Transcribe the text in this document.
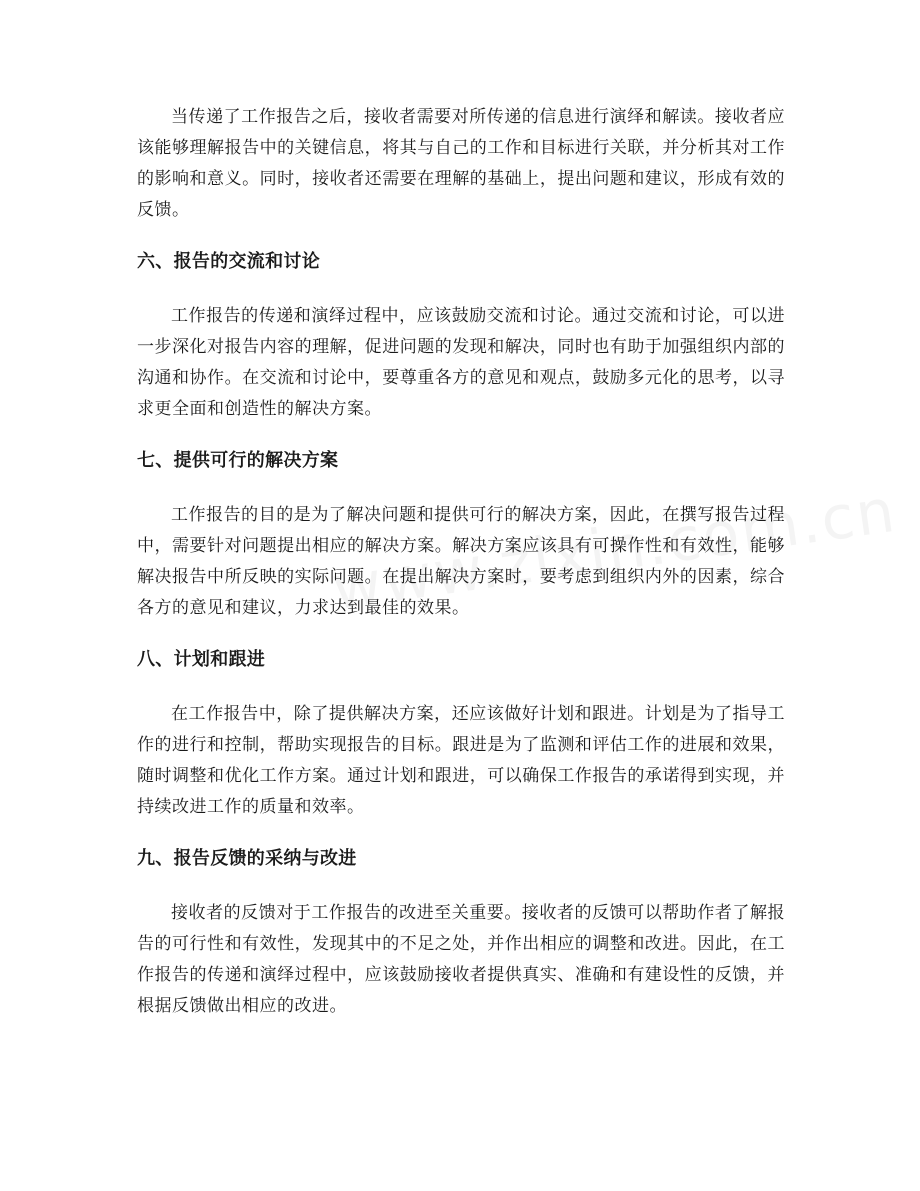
当传递了工作报告之后，接收者需要对所传递的信息进行演绎和解读。接收者应该能够理解报告中的关键信息，将其与自己的工作和目标进行关联，并分析其对工作的影响和意义。同时，接收者还需要在理解的基础上，提出问题和建议，形成有效的反馈。

六、报告的交流和讨论

工作报告的传递和演绎过程中，应该鼓励交流和讨论。通过交流和讨论，可以进一步深化对报告内容的理解，促进问题的发现和解决，同时也有助于加强组织内部的沟通和协作。在交流和讨论中，要尊重各方的意见和观点，鼓励多元化的思考，以寻求更全面和创造性的解决方案。

七、提供可行的解决方案

工作报告的目的是为了解决问题和提供可行的解决方案，因此，在撰写报告过程中，需要针对问题提出相应的解决方案。解决方案应该具有可操作性和有效性，能够解决报告中所反映的实际问题。在提出解决方案时，要考虑到组织内外的因素，综合各方的意见和建议，力求达到最佳的效果。

八、计划和跟进

在工作报告中，除了提供解决方案，还应该做好计划和跟进。计划是为了指导工作的进行和控制，帮助实现报告的目标。跟进是为了监测和评估工作的进展和效果，随时调整和优化工作方案。通过计划和跟进，可以确保工作报告的承诺得到实现，并持续改进工作的质量和效率。

九、报告反馈的采纳与改进

接收者的反馈对于工作报告的改进至关重要。接收者的反馈可以帮助作者了解报告的可行性和有效性，发现其中的不足之处，并作出相应的调整和改进。因此，在工作报告的传递和演绎过程中，应该鼓励接收者提供真实、准确和有建设性的反馈，并根据反馈做出相应的改进。
